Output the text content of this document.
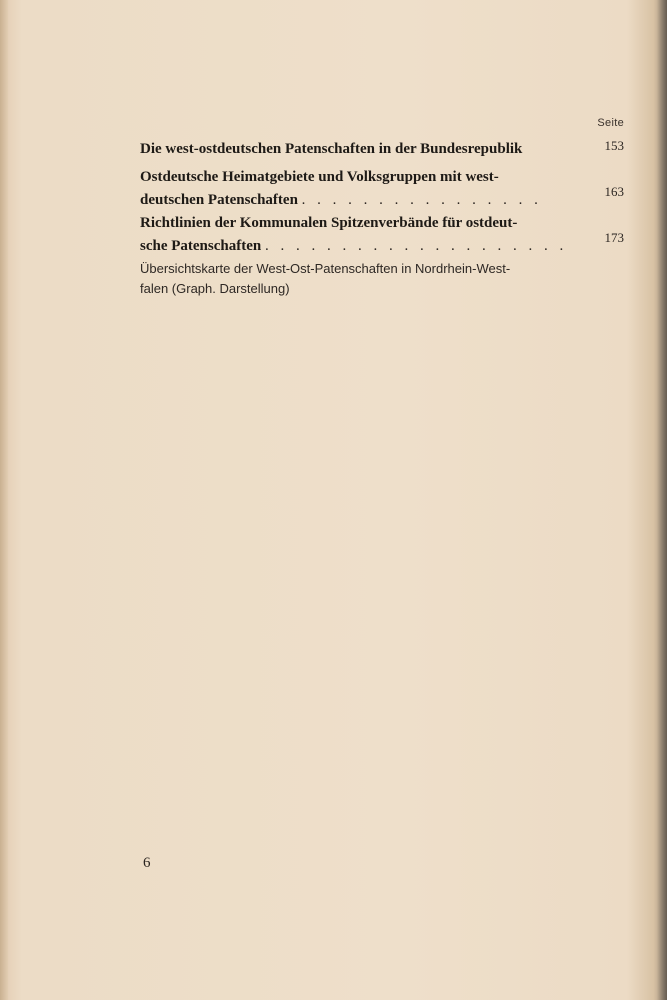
Seite
Die west-ostdeutschen Patenschaften in der Bundesrepublik	153
Ostdeutsche Heimatgebiete und Volksgruppen mit west-
deutschen Patenschaften . . . . . . . . . . . . . . . .
163
Richtlinien der Kommunalen Spitzenverbände für ostdeut-
sche Patenschaften . . . . . . . . . . . . . . . . . . . .
173
Übersichtskarte der West-Ost-Patenschaften in Nordrhein-West-
falen (Graph. Darstellung)
6
